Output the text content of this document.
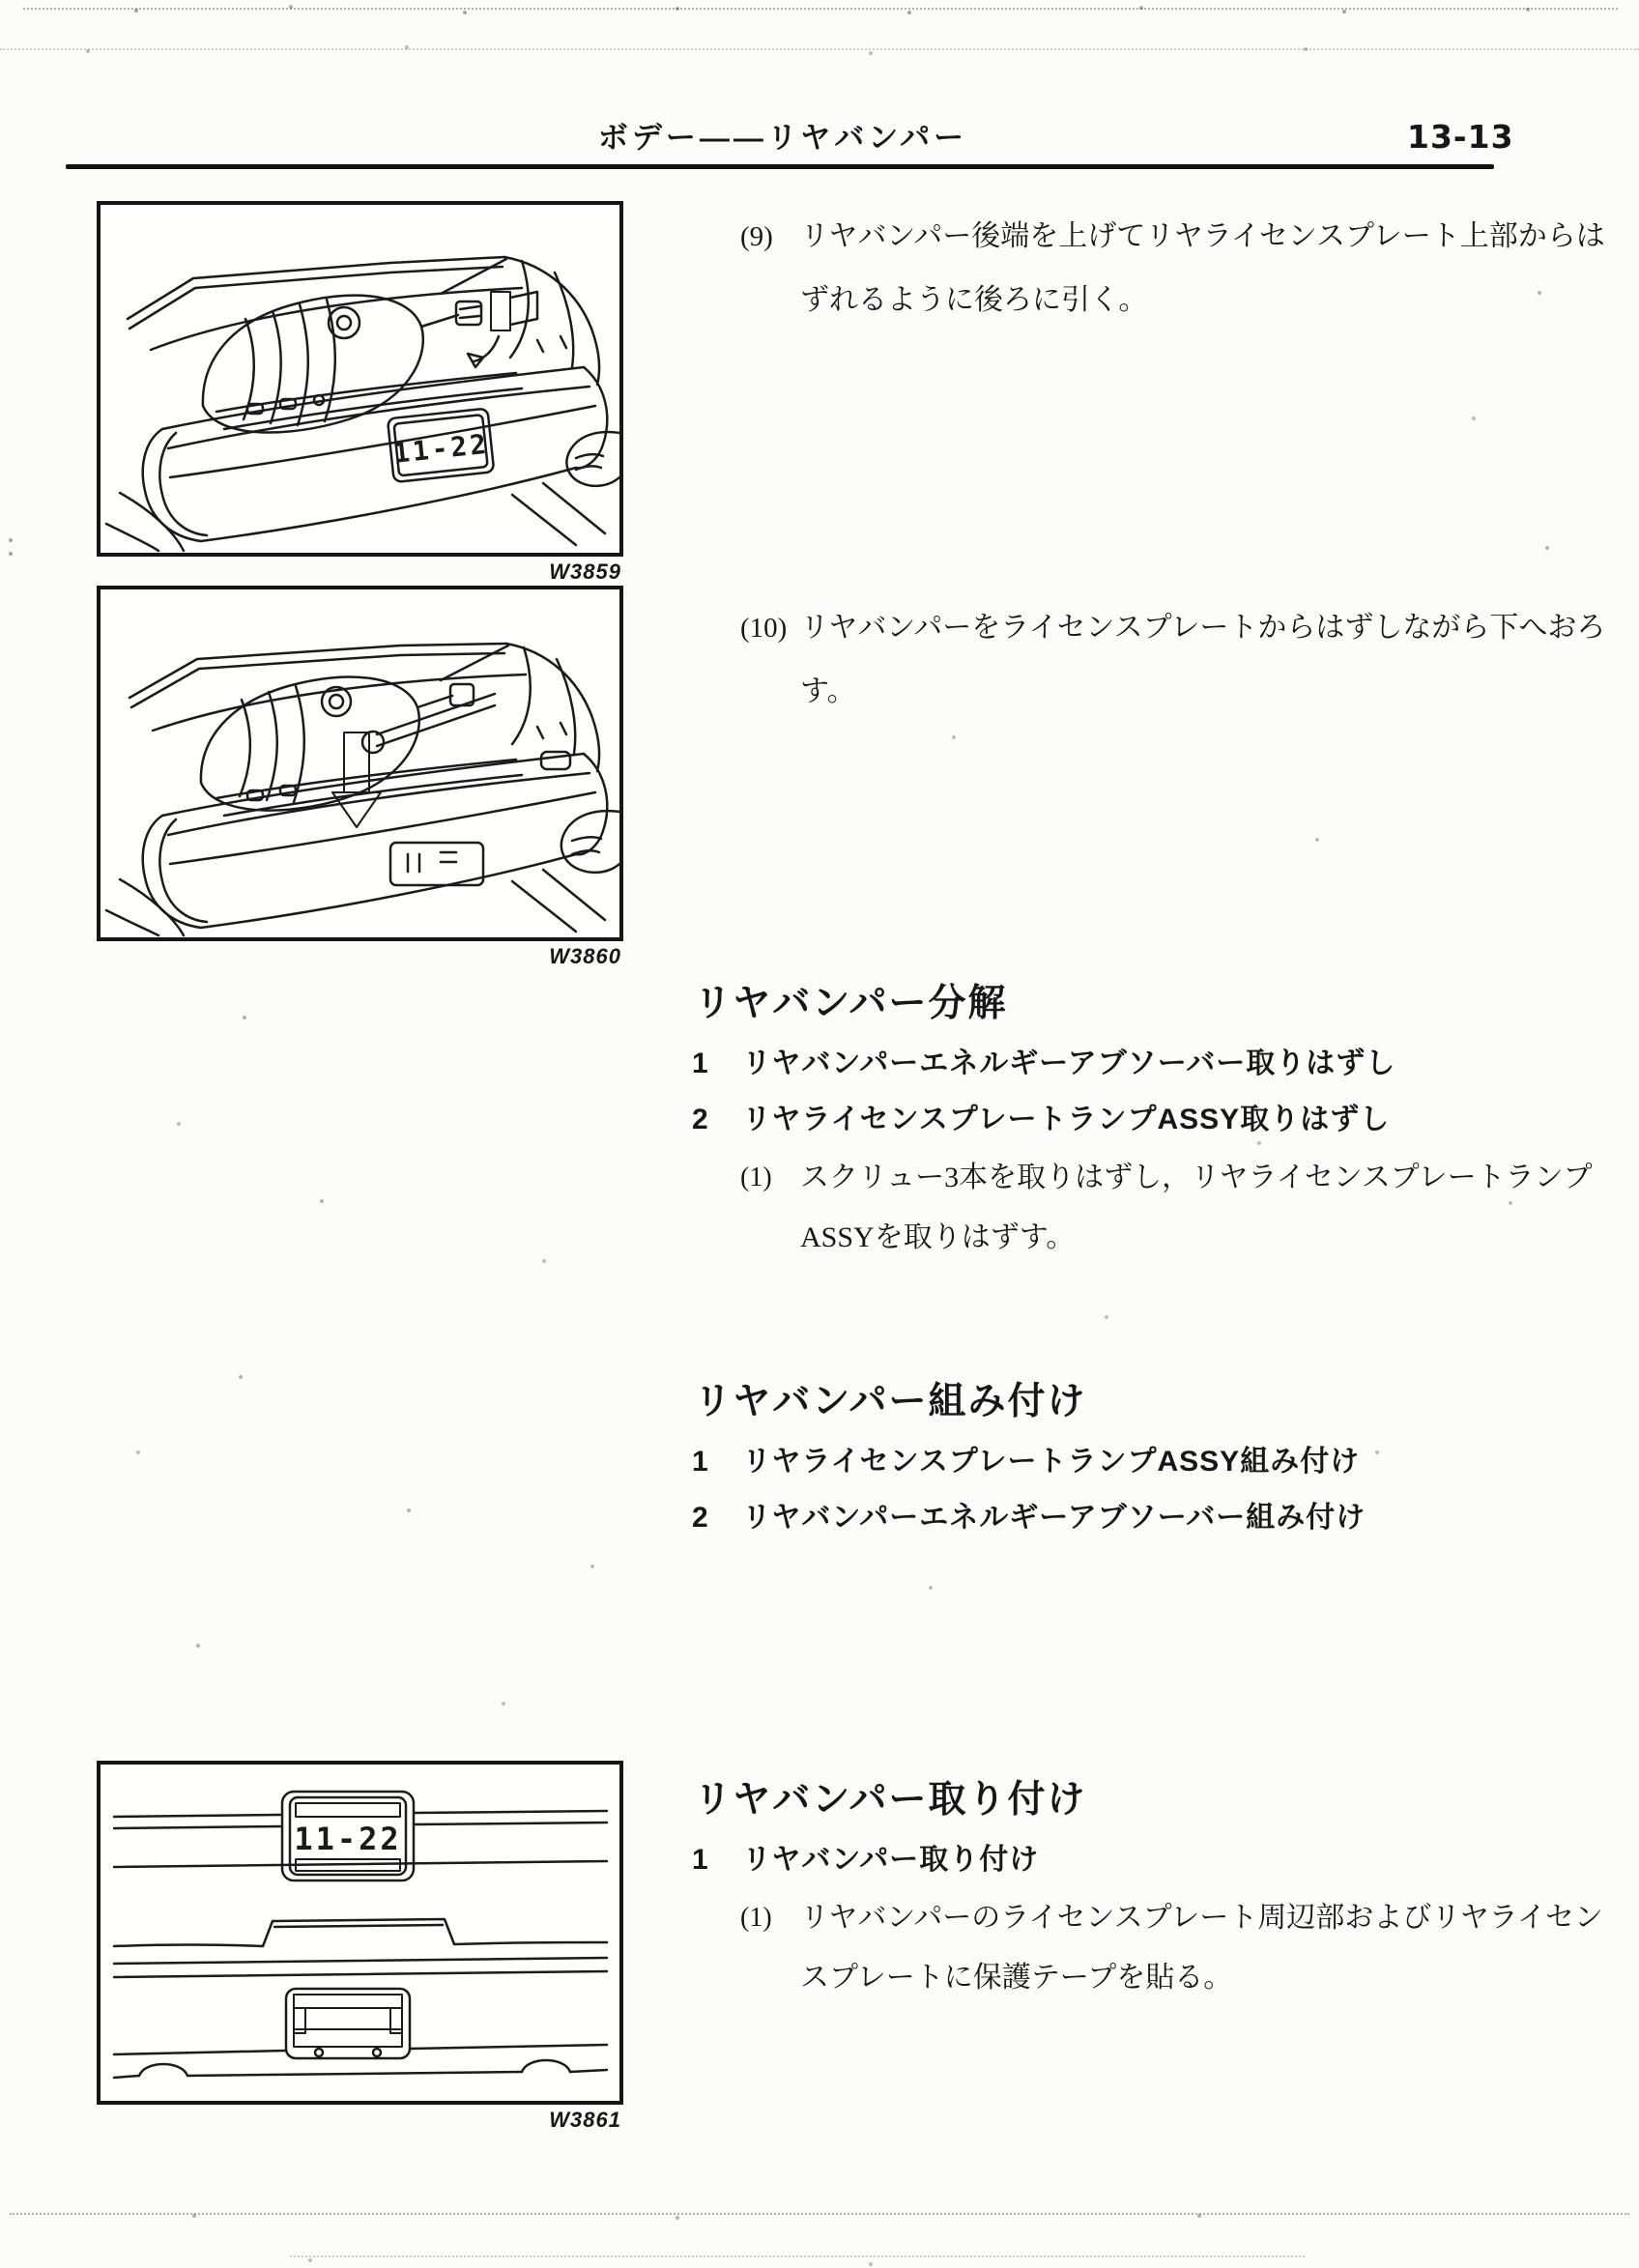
ボデー――リヤバンパー	13-13
11-22
W3859
W3860
(9) リヤバンパー後端を上げてリヤライセンスプレート上部からは
ずれるように後ろに引く。
(10) リヤバンパーをライセンスプレートからはずしながら下へおろ
す。
リヤバンパー分解
1	リヤバンパーエネルギーアブソーバー取りはずし
2	リヤライセンスプレートランプASSY取りはずし
(1) スクリュー3本を取りはずし，リヤライセンスプレートランプ
ASSYを取りはずす。
リヤバンパー組み付け
1	リヤライセンスプレートランプASSY組み付け
2	リヤバンパーエネルギーアブソーバー組み付け
リヤバンパー取り付け
1	リヤバンパー取り付け
(1) リヤバンパーのライセンスプレート周辺部およびリヤライセン
スプレートに保護テープを貼る。
11-22
W3861
